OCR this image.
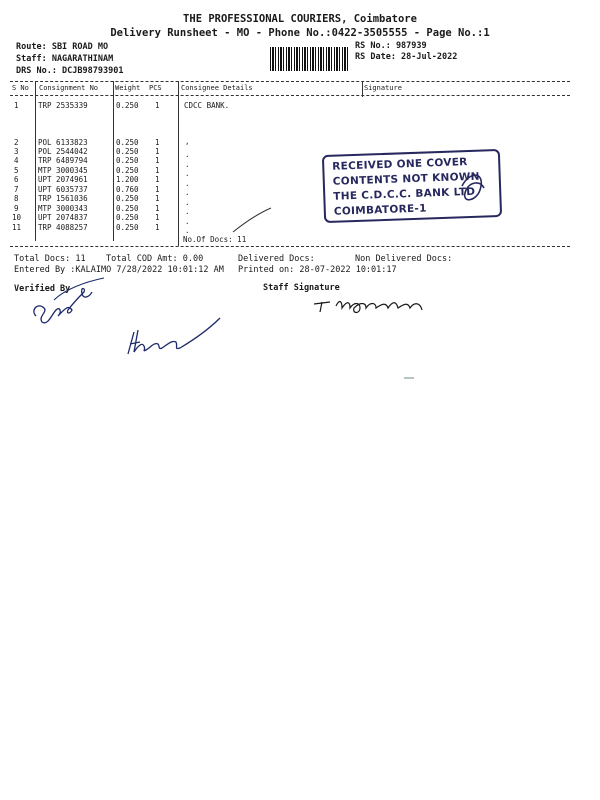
THE PROFESSIONAL COURIERS, Coimbatore
Delivery Runsheet - MO - Phone No.:0422-3505555 - Page No.:1
Route: SBI ROAD MO
Staff: NAGARATHINAM
DRS No.: DCJB98793901
RS No.: 987939
RS Date: 28-Jul-2022
S No Consignment No Weight PCS	Consignee Details	Signature
1	TRP 2535339	0.250 1	CDCC BANK.
2	POL 6133823	0.250 1
3	POL 2544042	0.250 1
4	TRP 6489794	0.250 1
5	MTP 3000345	0.250 1
6	UPT 2074961	1.200 1
7	UPT 6035737	0.760 1
8	TRP 1561036	0.250 1
9	MTP 3000343	0.250 1
10 UPT 2074837	0.250 1
11 TRP 4088257	0.250 1
,
.
.
.
.
.
.
.
.
.
No.Of Docs: 11
RECEIVED ONE COVER
CONTENTS NOT KNOWN
THE C.D.C.C. BANK LTD
COIMBATORE-1
Total Docs: 11 Total COD Amt: 0.00	Delivered Docs:	Non Delivered Docs:
Entered By :KALAIMO 7/28/2022 10:01:12 AM Printed on: 28-07-2022 10:01:17
Verified By	Staff Signature
